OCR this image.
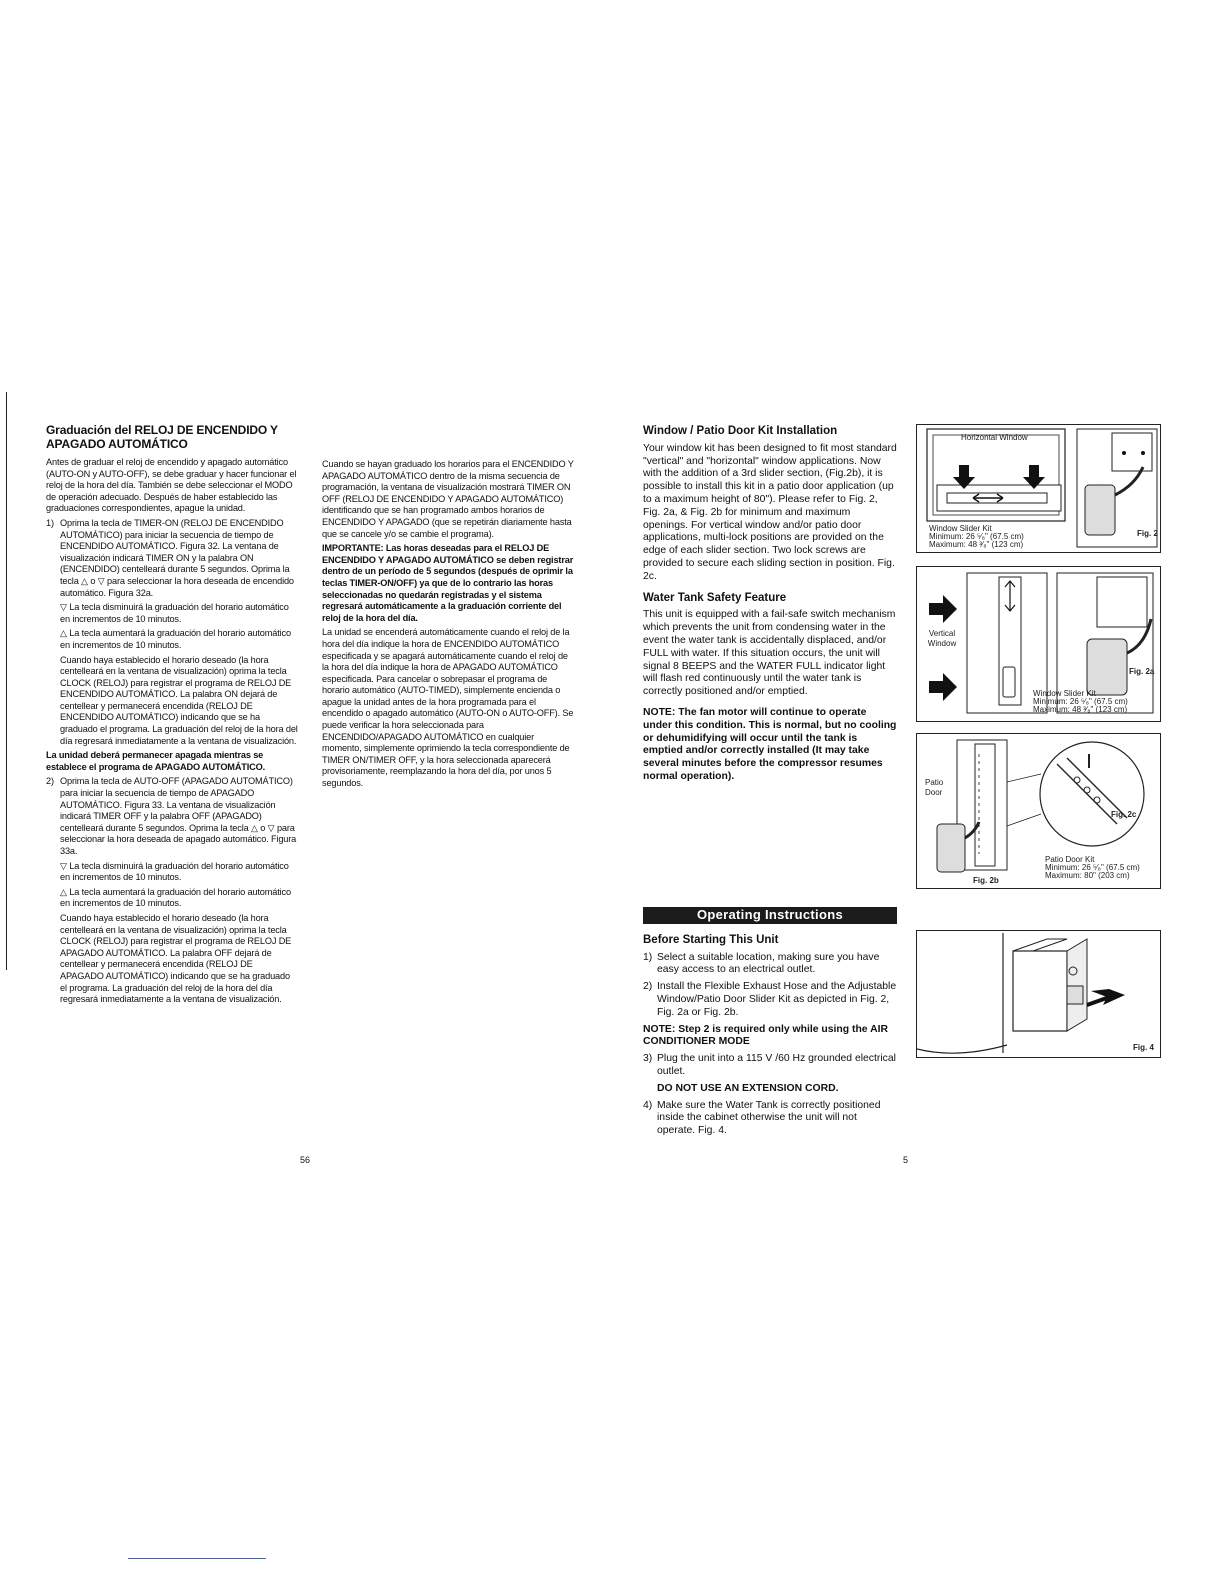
Graduación del RELOJ DE ENCENDIDO Y APAGADO AUTOMÁTICO

Antes de graduar el reloj de encendido y apagado automático (AUTO-ON y AUTO-OFF), se debe graduar y hacer funcionar el reloj de la hora del día. También se debe seleccionar el MODO de operación adecuado. Después de haber establecido las graduaciones correspondientes, apague la unidad.

1) Oprima la tecla de TIMER-ON (RELOJ DE ENCENDIDO AUTOMÁTICO) para iniciar la secuencia de tiempo de ENCENDIDO AUTOMÁTICO. Figura 32. La ventana de visualización indicará TIMER ON y la palabra ON (ENCENDIDO) centelleará durante 5 segundos. Oprima la tecla △ o ▽ para seleccionar la hora deseada de encendido automático. Figura 32a.

▽ La tecla disminuirá la graduación del horario automático en incrementos de 10 minutos.

△ La tecla aumentará la graduación del horario automático en incrementos de 10 minutos.

Cuando haya establecido el horario deseado (la hora centelleará en la ventana de visualización) oprima la tecla CLOCK (RELOJ) para registrar el programa de RELOJ DE ENCENDIDO AUTOMÁTICO. La palabra ON dejará de centellear y permanecerá encendida (RELOJ DE ENCENDIDO AUTOMÁTICO) indicando que se ha graduado el programa. La graduación del reloj de la hora del día regresará inmediatamente a la ventana de visualización.

La unidad deberá permanecer apagada mientras se establece el programa de APAGADO AUTOMÁTICO.

2) Oprima la tecla de AUTO-OFF (APAGADO AUTOMÁTICO) para iniciar la secuencia de tiempo de APAGADO AUTOMÁTICO. Figura 33. La ventana de visualización indicará TIMER OFF y la palabra OFF (APAGADO) centelleará durante 5 segundos. Oprima la tecla △ o ▽ para seleccionar la hora deseada de apagado automático. Figura 33a.

▽ La tecla disminuirá la graduación del horario automático en incrementos de 10 minutos.

△ La tecla aumentará la graduación del horario automático en incrementos de 10 minutos.

Cuando haya establecido el horario deseado (la hora centelleará en la ventana de visualización) oprima la tecla CLOCK (RELOJ) para registrar el programa de RELOJ DE APAGADO AUTOMÁTICO. La palabra OFF dejará de centellear y permanecerá encendida (RELOJ DE APAGADO AUTOMÁTICO) indicando que se ha graduado el programa. La graduación del reloj de la hora del día regresará inmediatamente a la ventana de visualización.

Cuando se hayan graduado los horarios para el ENCENDIDO Y APAGADO AUTOMÁTICO dentro de la misma secuencia de programación, la ventana de visualización mostrará TIMER ON OFF (RELOJ DE ENCENDIDO Y APAGADO AUTOMÁTICO) identificando que se han programado ambos horarios de ENCENDIDO Y APAGADO (que se repetirán diariamente hasta que se cancele y/o se cambie el programa).

IMPORTANTE: Las horas deseadas para el RELOJ DE ENCENDIDO Y APAGADO AUTOMÁTICO se deben registrar dentro de un período de 5 segundos (después de oprimir la teclas TIMER-ON/OFF) ya que de lo contrario las horas seleccionadas no quedarán registradas y el sistema regresará automáticamente a la graduación corriente del reloj de la hora del día.

La unidad se encenderá automáticamente cuando el reloj de la hora del día indique la hora de ENCENDIDO AUTOMÁTICO especificada y se apagará automáticamente cuando el reloj de la hora del día indique la hora de APAGADO AUTOMÁTICO especificada. Para cancelar o sobrepasar el programa de horario automático (AUTO-TIMED), simplemente encienda o apague la unidad antes de la hora programada para el encendido o apagado automático (AUTO-ON o AUTO-OFF). Se puede verificar la hora seleccionada para ENCENDIDO/APAGADO AUTOMÁTICO en cualquier momento, simplemente oprimiendo la tecla correspondiente de TIMER ON/TIMER OFF, y la hora seleccionada aparecerá provisoriamente, reemplazando la hora del día, por unos 5 segundos.

56
Window / Patio Door Kit Installation

Your window kit has been designed to fit most standard "vertical" and "horizontal" window applications. Now with the addition of a 3rd slider section, (Fig.2b), it is possible to install this kit in a patio door application (up to a maximum height of 80"). Please refer to Fig. 2, Fig. 2a, & Fig. 2b for minimum and maximum openings. For vertical window and/or patio door applications, multi-lock positions are provided on the edge of each slider section. Two lock screws are provided to secure each sliding section in position. Fig. 2c.

Water Tank Safety Feature

This unit is equipped with a fail-safe switch mechanism which prevents the unit from condensing water in the event the water tank is accidentally displaced, and/or FULL with water. If this situation occurs, the unit will signal 8 BEEPS and the WATER FULL indicator light will flash red continuously until the water tank is correctly positioned and/or emptied.

NOTE: The fan motor will continue to operate under this condition. This is normal, but no cooling or dehumidifying will occur until the tank is emptied and/or correctly installed (It may take several minutes before the compressor resumes normal operation).

Operating Instructions
Before Starting This Unit
1) Select a suitable location, making sure you have easy access to an electrical outlet.
2) Install the Flexible Exhaust Hose and the Adjustable Window/Patio Door Slider Kit as depicted in Fig. 2, Fig. 2a or Fig. 2b.

NOTE: Step 2 is required only while using the AIR CONDITIONER MODE

3) Plug the unit into a 115 V /60 Hz grounded electrical outlet.
DO NOT USE AN EXTENSION CORD.
4) Make sure the Water Tank is correctly positioned inside the cabinet otherwise the unit will not operate. Fig. 4.
5
Horizontal Window
Window Slider Kit
Minimum: 26 ⁵⁄₈" (67.5 cm)
Maximum: 48 ³⁄₈" (123 cm)
Fig. 2
Vertical Window
Fig. 2a
Window Slider Kit
Minimum: 26 ⁵⁄₈" (67.5 cm)
Maximum: 48 ³⁄₈" (123 cm)
Patio Door
Fig. 2c
Patio Door Kit
Minimum: 26 ⁵⁄₈" (67.5 cm)
Maximum: 80" (203 cm)
Fig. 2b
Fig. 4
